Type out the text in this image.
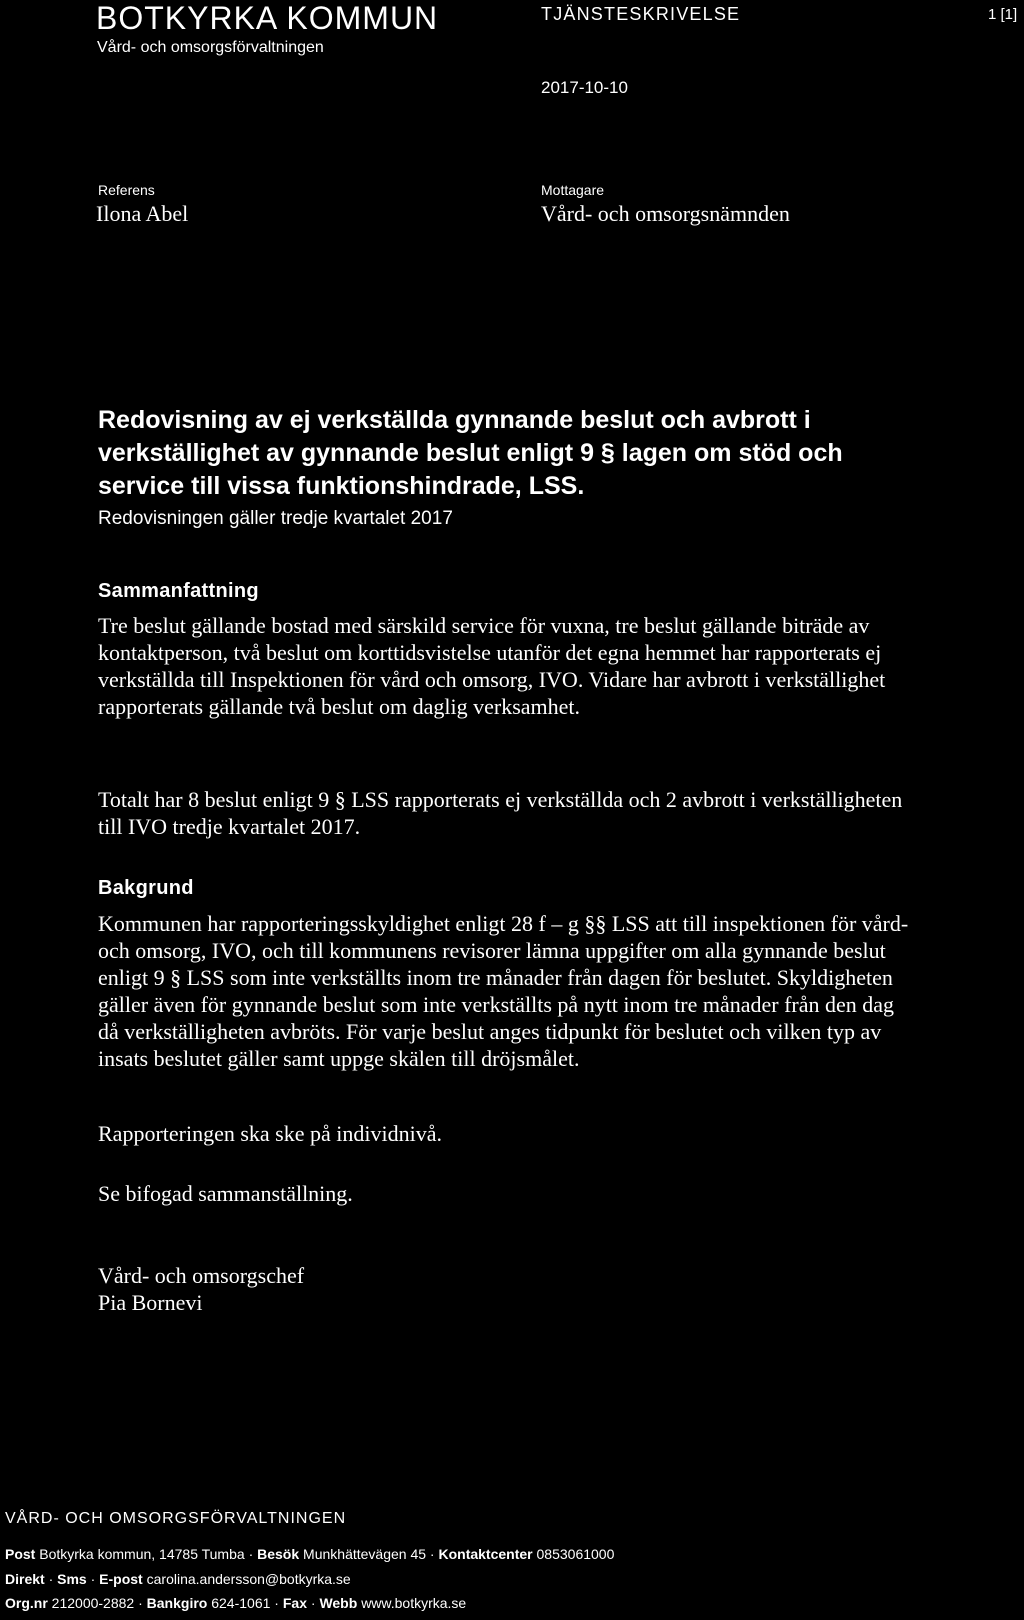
BOTKYRKA KOMMUN
Vård- och omsorgsförvaltningen
TJÄNSTESKRIVELSE	1 [1]
2017-10-10
Referens
Ilona Abel
Mottagare
Vård- och omsorgsnämnden
Redovisning av ej verkställda gynnande beslut och avbrott i verkställighet av gynnande beslut enligt 9 § lagen om stöd och service till vissa funktionshindrade, LSS.
Redovisningen gäller tredje kvartalet 2017
Sammanfattning

Tre beslut gällande bostad med särskild service för vuxna, tre beslut gällande biträde av kontaktperson, två beslut om korttidsvistelse utanför det egna hemmet har rapporterats ej verkställda till Inspektionen för vård och omsorg, IVO. Vidare har avbrott i verkställighet rapporterats gällande två beslut om daglig verksamhet.

Totalt har 8 beslut enligt 9 § LSS rapporterats ej verkställda och 2 avbrott i verkställigheten till IVO tredje kvartalet 2017.

Bakgrund

Kommunen har rapporteringsskyldighet enligt 28 f – g §§ LSS att till inspektionen för vård- och omsorg, IVO, och till kommunens revisorer lämna uppgifter om alla gynnande beslut enligt 9 § LSS som inte verkställts inom tre månader från dagen för beslutet. Skyldigheten gäller även för gynnande beslut som inte verkställts på nytt inom tre månader från den dag då verkställigheten avbröts. För varje beslut anges tidpunkt för beslutet och vilken typ av insats beslutet gäller samt uppge skälen till dröjsmålet.

Rapporteringen ska ske på individnivå.

Se bifogad sammanställning.

Vård- och omsorgschef
Pia Bornevi
VÅRD- OCH OMSORGSFÖRVALTNINGEN
Post Botkyrka kommun, 14785 Tumba · Besök Munkhättevägen 45 · Kontaktcenter 0853061000
Direkt · Sms · E-post carolina.andersson@botkyrka.se
Org.nr 212000-2882 · Bankgiro 624-1061 · Fax · Webb www.botkyrka.se
